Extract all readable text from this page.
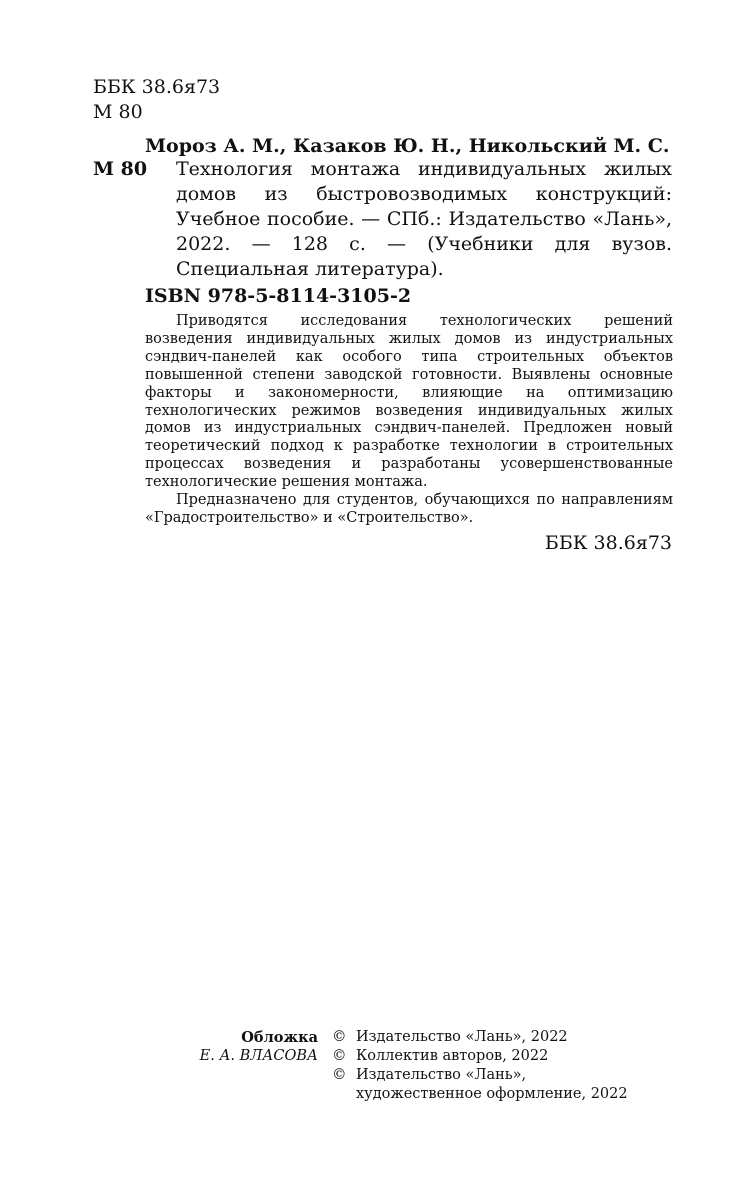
ББК 38.6я73
М 80
Мороз А. М., Казаков Ю. Н., Никольский М. С.
М 80 Технология монтажа индивидуальных жилых домов из быстровозводимых конструкций: Учебное пособие. — СПб.: Издательство «Лань», 2022. — 128 с. — (Учебники для вузов. Специальная литература).
ISBN 978-5-8114-3105-2

Приводятся исследования технологических решений возведения индивидуальных жилых домов из индустриальных сэндвич-панелей как особого типа строительных объектов повышенной степени заводской готовности. Выявлены основные факторы и закономерности, влияющие на оптимизацию технологических режимов возведения индивидуальных жилых домов из индустриальных сэндвич-панелей. Предложен новый теоретический подход к разработке технологии в строительных процессах возведения и разработаны усовершенствованные технологические решения монтажа.

Предназначено для студентов, обучающихся по направлениям «Градостроительство» и «Строительство».

ББК 38.6я73
Обложка © Издательство «Лань», 2022
Е. А. ВЛАСОВА © Коллектив авторов, 2022
© Издательство «Лань»,
художественное оформление, 2022
